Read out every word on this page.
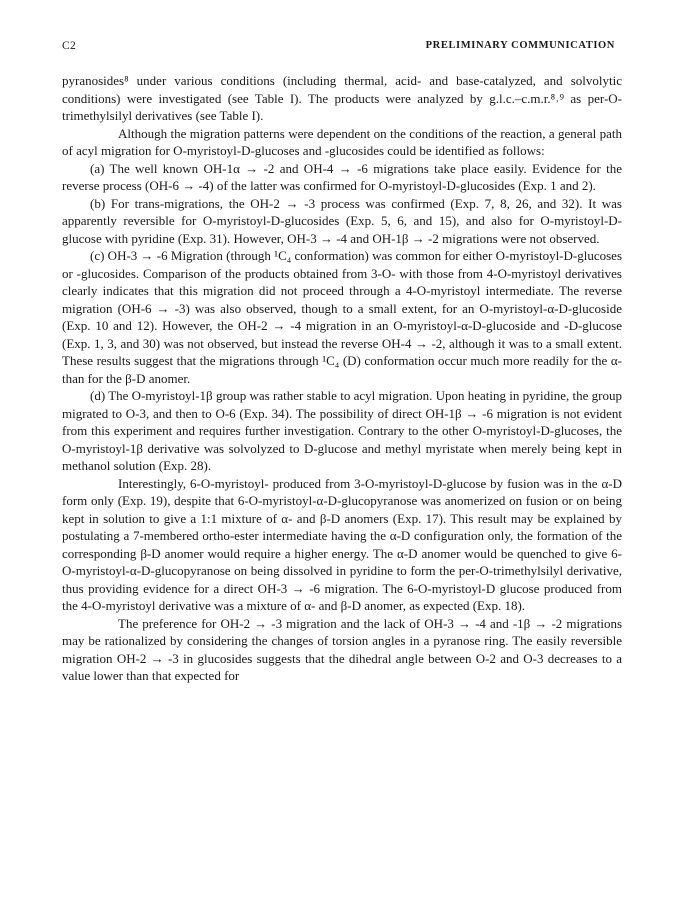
C2	PRELIMINARY COMMUNICATION

pyranosides⁸ under various conditions (including thermal, acid- and base-catalyzed, and solvolytic conditions) were investigated (see Table I). The products were analyzed by g.l.c.–c.m.r.⁸˒⁹ as per-O-trimethylsilyl derivatives (see Table I).

Although the migration patterns were dependent on the conditions of the reaction, a general path of acyl migration for O-myristoyl-D-glucoses and -glucosides could be identified as follows:

(a) The well known OH-1α → -2 and OH-4 → -6 migrations take place easily. Evidence for the reverse process (OH-6 → -4) of the latter was confirmed for O-myristoyl-D-glucosides (Exp. 1 and 2).

(b) For trans-migrations, the OH-2 → -3 process was confirmed (Exp. 7, 8, 26, and 32). It was apparently reversible for O-myristoyl-D-glucosides (Exp. 5, 6, and 15), and also for O-myristoyl-D-glucose with pyridine (Exp. 31). However, OH-3 → -4 and OH-1β → -2 migrations were not observed.

(c) OH-3 → -6 Migration (through ¹C₄ conformation) was common for either O-myristoyl-D-glucoses or -glucosides. Comparison of the products obtained from 3-O- with those from 4-O-myristoyl derivatives clearly indicates that this migration did not proceed through a 4-O-myristoyl intermediate. The reverse migration (OH-6 → -3) was also observed, though to a small extent, for an O-myristoyl-α-D-glucoside (Exp. 10 and 12). However, the OH-2 → -4 migration in an O-myristoyl-α-D-glucoside and -D-glucose (Exp. 1, 3, and 30) was not observed, but instead the reverse OH-4 → -2, although it was to a small extent. These results suggest that the migrations through ¹C₄ (D) conformation occur much more readily for the α- than for the β-D anomer.

(d) The O-myristoyl-1β group was rather stable to acyl migration. Upon heating in pyridine, the group migrated to O-3, and then to O-6 (Exp. 34). The possibility of direct OH-1β → -6 migration is not evident from this experiment and requires further investigation. Contrary to the other O-myristoyl-D-glucoses, the O-myristoyl-1β derivative was solvolyzed to D-glucose and methyl myristate when merely being kept in methanol solution (Exp. 28).

Interestingly, 6-O-myristoyl- produced from 3-O-myristoyl-D-glucose by fusion was in the α-D form only (Exp. 19), despite that 6-O-myristoyl-α-D-glucopyranose was anomerized on fusion or on being kept in solution to give a 1:1 mixture of α- and β-D anomers (Exp. 17). This result may be explained by postulating a 7-membered ortho-ester intermediate having the α-D configuration only, the formation of the corresponding β-D anomer would require a higher energy. The α-D anomer would be quenched to give 6-O-myristoyl-α-D-glucopyranose on being dissolved in pyridine to form the per-O-trimethylsilyl derivative, thus providing evidence for a direct OH-3 → -6 migration. The 6-O-myristoyl-D glucose produced from the 4-O-myristoyl derivative was a mixture of α- and β-D anomer, as expected (Exp. 18).

The preference for OH-2 → -3 migration and the lack of OH-3 → -4 and -1β → -2 migrations may be rationalized by considering the changes of torsion angles in a pyranose ring. The easily reversible migration OH-2 → -3 in glucosides suggests that the dihedral angle between O-2 and O-3 decreases to a value lower than that expected for
